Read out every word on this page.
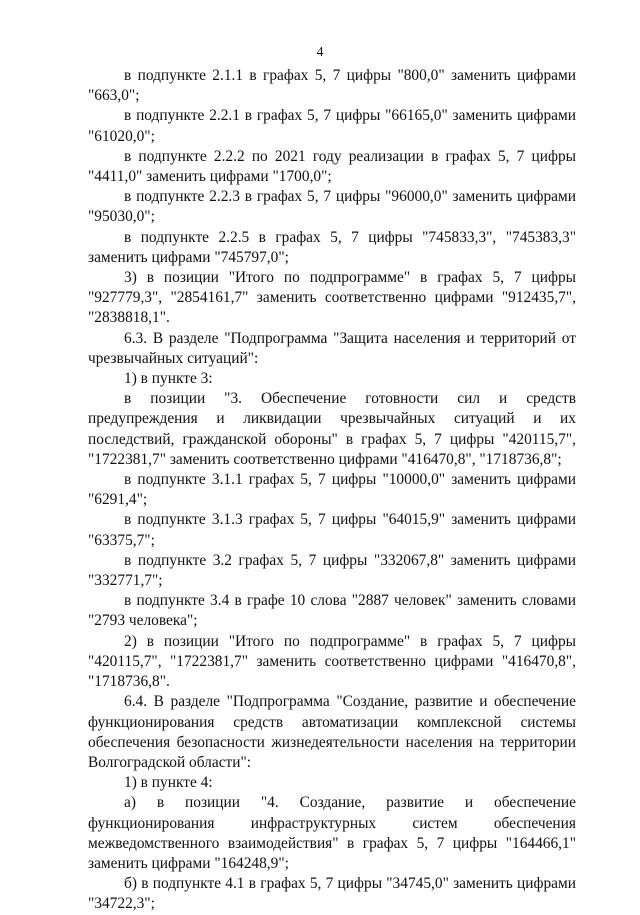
4

в подпункте 2.1.1 в графах 5, 7 цифры "800,0" заменить цифрами "663,0";

в подпункте 2.2.1 в графах 5, 7 цифры "66165,0" заменить цифрами "61020,0";

в подпункте 2.2.2 по 2021 году реализации в графах 5, 7 цифры "4411,0" заменить цифрами "1700,0";

в подпункте 2.2.3 в графах 5, 7 цифры "96000,0" заменить цифрами "95030,0";

в подпункте 2.2.5 в графах 5, 7 цифры "745833,3", "745383,3" заменить цифрами "745797,0";

3) в позиции "Итого по подпрограмме" в графах 5, 7 цифры "927779,3", "2854161,7" заменить соответственно цифрами "912435,7", "2838818,1".

6.3. В разделе "Подпрограмма "Защита населения и территорий от чрезвычайных ситуаций":

1) в пункте 3:

в позиции "3. Обеспечение готовности сил и средств предупреждения и ликвидации чрезвычайных ситуаций и их последствий, гражданской обороны" в графах 5, 7 цифры "420115,7", "1722381,7" заменить соответственно цифрами "416470,8", "1718736,8";

в подпункте 3.1.1 графах 5, 7 цифры "10000,0" заменить цифрами "6291,4";

в подпункте 3.1.3 графах 5, 7 цифры "64015,9" заменить цифрами "63375,7";

в подпункте 3.2 графах 5, 7 цифры "332067,8" заменить цифрами "332771,7";

в подпункте 3.4 в графе 10 слова "2887 человек" заменить словами "2793 человека";

2) в позиции "Итого по подпрограмме" в графах 5, 7 цифры "420115,7", "1722381,7" заменить соответственно цифрами "416470,8", "1718736,8".

6.4. В разделе "Подпрограмма "Создание, развитие и обеспечение функционирования средств автоматизации комплексной системы обеспечения безопасности жизнедеятельности населения на территории Волгоградской области":

1) в пункте 4:

а) в позиции "4. Создание, развитие и обеспечение функционирования инфраструктурных систем обеспечения межведомственного взаимодействия" в графах 5, 7 цифры "164466,1" заменить цифрами "164248,9";

б) в подпункте 4.1 в графах 5, 7 цифры "34745,0" заменить цифрами "34722,3";
